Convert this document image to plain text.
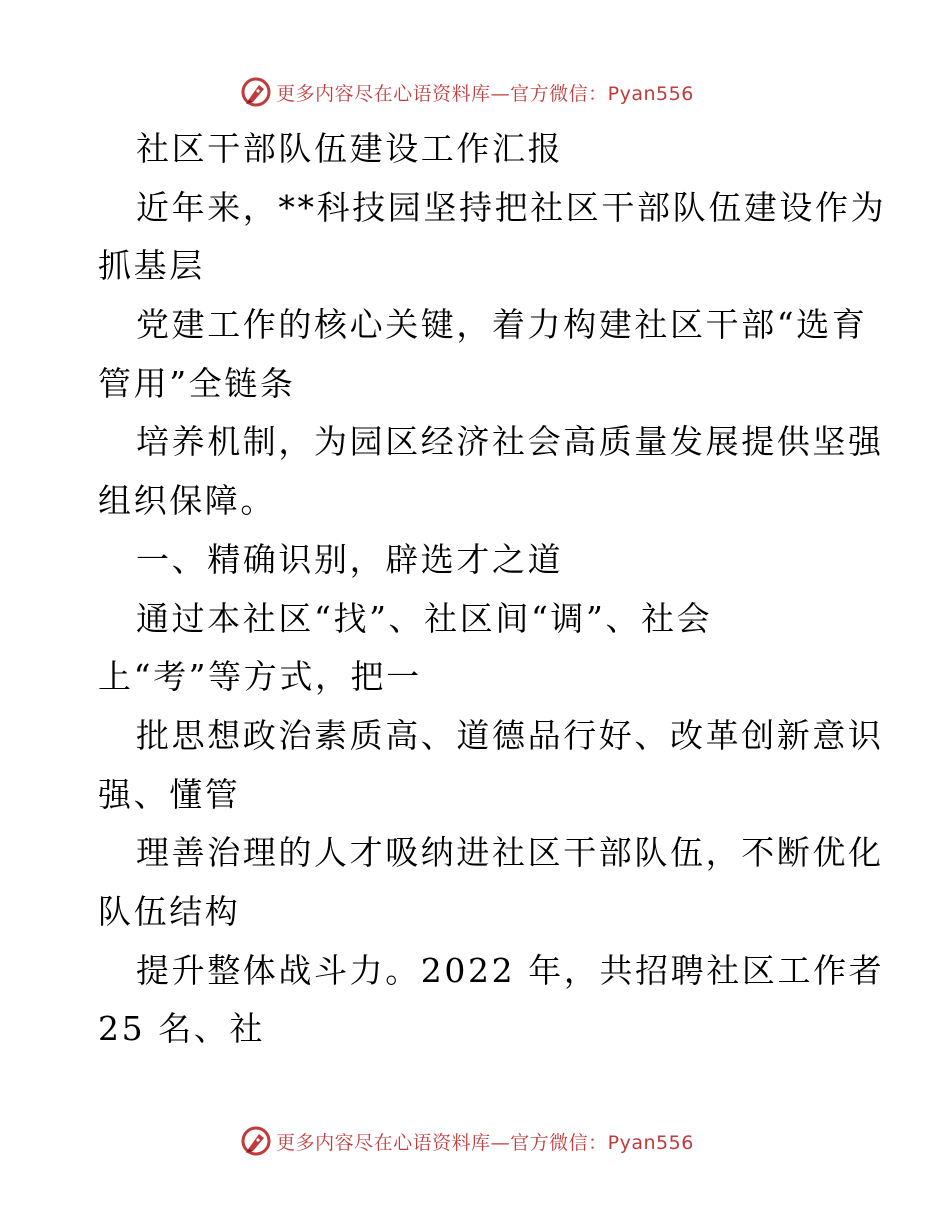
更多内容尽在心语资料库—官方微信：Pyan556
社区干部队伍建设工作汇报
近年来，**科技园坚持把社区干部队伍建设作为
抓基层
党建工作的核心关键，着力构建社区干部“选育
管用”全链条
培养机制，为园区经济社会高质量发展提供坚强
组织保障。
一、精确识别，辟选才之道
通过本社区“找”、社区间“调”、社会
上“考”等方式，把一
批思想政治素质高、道德品行好、改革创新意识
强、懂管
理善治理的人才吸纳进社区干部队伍，不断优化
队伍结构
提升整体战斗力。2022 年，共招聘社区工作者
25 名、社
更多内容尽在心语资料库—官方微信：Pyan556
